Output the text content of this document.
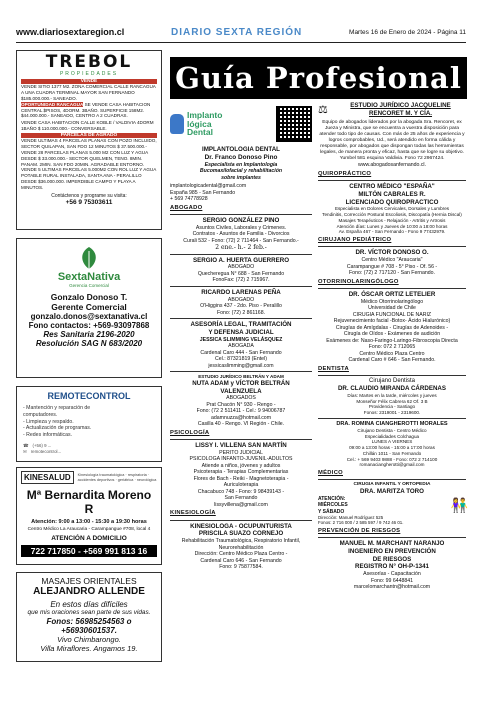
www.diariosextaregion.cl	DIARIO SEXTA REGIÓN	Martes 16 de Enero de 2024 - Página 11
TREBOL
PROPIEDADES
VENDE
VENDE SITIO 1377 M2. ZONA COMERCIAL CALLE RANCAGUA A UNA CUADRA TERMINAL MAYOR SAN FERNANDO $185.000.000.- SANEADO.
OPORTUNIDAD RANCAGUA SE VENDE CASA HABITACION CENTRAL $PISOS, 4DORM. 3BAÑO. SUPERFICIE 158M2. $44.000.000.- SANEADO, CENTRO A 2 CUADRAS.
VENDE CASA HABITACION CALLE KOBLE / VALDIVIA 4DORM 1BAÑO $ 110.000.000.- CONVERSABLE.
PARCELAS DE AGRADO
VENDE ULTIMAS 4 PARCELAS PLANAS CON POZO INCLUIDO, SECTOR QUILAPAN, SAN FDO 12 MINUTOS $ 37.500.000.-
VENDE 28 PARCELAS PLANAS 5.000 M2 CON LUZ Y AGUA DESDE $ 33.000.000.- SECTOR QUELMEN, TENO. 8MIN. PANAM. 2MIN. SAN FDO 20MIN. AGRADABLE ENTORNO.
VENDE 5 ULTIMAS PARCELAS 5.000M2 CON ROL LUZ Y AGUA POTABLE RURAL INSTALADA, SANTA ANA - PERALILLO DESDE $36.000.000. IMPERDIBLE CAMPO Y PLAYA A MINUTOS.
Contáctenos y programe su visita:
+56 9 75303611
SextaNativa
Gerencia Comercial
Gonzalo Donoso T.
Gerente Comercial
gonzalo.donos@sextanativa.cl
Fono contactos: +569-93097868
Res Sanitaria 2196-2020
Resolución SAG N 683/2020
REMOTECONTROL
- Mantención y reparación de
computadores.
- Limpieza y respaldo.
- Actualización de programas.
- Redes informáticas.
☎ (+56) 9 ...
✉ remotecontrol...
KINESALUD	Kinesiología traumatológica · respiratoria · accidentes deportivos · geriátrica · neurológica
Mª Bernardita Moreno R
Atención: 9:00 a 13:00 - 15:30 a 19:30 horas
Centro Médico La Araucaria - Carampangue #708, local 4
ATENCIÓN A DOMICILIO
722 717850 - +569 991 813 16
MASAJES ORIENTALES
ALEJANDRO ALLENDE
En estos días difíciles
que mis oraciones sean parte de sus vidas.
Fonos: 56985254563 o +56930601537.
Vivo Chimbarongo.
Villa Miraflores. Angamos 19.
Guía Profesional
Implanto lógica Dental
IMPLANTOLOGIA DENTAL
Dr. Franco Donoso Pino
Especialista en Implantología
Bucomaxilofacial y rehabilitación
sobre implantes
implantologicadental@gmail.com
España 985 - San Fernando
+ 569 74778928
ABOGADO
SERGIO GONZÁLEZ PINO
Asuntos Civiles, Laborales y Crimenes.
Contratos - Asuntos de Familia - Divorcios
Curali 532 - Fono: (72) 2 711464 - San Fernando.-
2 ene.- h.- 2 feb.-
SERGIO A. HUERTA GUERRERO
ABOGADO
Quecheregua N° 688 - San Fernando
FonoFax: (72) 2 715967.
RICARDO LARENAS PEÑA
ABOGADO
O'Higgins 437 - 2do. Piso - Peralillo
Fono: (72) 2 861168.
ASESORÍA LEGAL, TRAMITACIÓN
Y DEFENSA JUDICIAL
JESSICA SLIMMING VELÁSQUEZ
ABOGADA
Cardenal Caro 444 - San Fernando
Cel.: 87321819 (Entel)
jessicaslimming@gmail.com
ESTUDIO JURÍDICO BELTRÁN Y ADAM
NUTA ADAM y VÍCTOR BELTRÁN
VALENZUELA
ABOGADOS
Prat Chacón N° 930 - Rengo -
Fono: (72 2 511411 - Cel.: 9 94006787
adamnuzza@hotmail.com
Casilla 40 - Rengo. VI Región - Chile.
PSICOLOGÍA
LISSY I. VILLENA SAN MARTÍN
PERITO JUDICIAL
PSICOLOGA INFANTO-JUVENIL-ADULTOS
Atiende a niños, jóvenes y adultos
Psicoterapia - Terapias Complementarias
Flores de Bach - Reiki - Magnetoterapia -
Auriculoterapia
Chacabuco 748 - Fono: 9 98439143 -
San Fernando
lissyvillena@gmail.com
KINESIOLOGÍA
KINESIOLOGA - OCUPUNTURISTA
PRISCILA SUAZO CORNEJO
Rehabilitación Traumatológica, Respiratorio Infantil,
Neurorehabilitación
Dirección: Centro Médico Plaza Centro -
Cardenal Caro 646 - San Fernando
Fono: 9 75877584.
⚖	ESTUDIO JURÍDICO JACQUELINE
RENCORET M. Y CÍA.
Equipo de abogados liderados por la abogada Sra. Rencoret, ex Jueza y Ministra, que se encuentra a vuestra disposición para atender todo tipo de causas. Con más de 25 años de experiencia y logros comprobables, Ud., será atendido en forma cálida y responsable, por abogados que dispongan todas las herramientas legales, de manera pronta y eficaz, hasta que se logre su objetivo. Yumbel 581 esquina Valdivia. Fono 72 2967424.
www.abogadosanfernando.cl.
QUIROPRÁCTICO
CENTRO MÉDICO "ESPAÑA"
MILTÓN CABRALES R.
LICENCIADO QUIROPRACTICO
Especialista en Dolores Cervicales, Dorsales y Lumbres
Tendinitis, Corrección Postural Escoliosis, Discopatía (Hernia Discal)
Masajes Terapéuticos - Relajación - Artritis y Artrosis
Atención días: Lunes y Jueves de 10:00 a 18:00 horas
Av. España 467 - San Fernando - Fono 9 77432979.
CIRUJANO PEDIÁTRICO
DR. VÍCTOR DONOSO O.
Centro Médico "Araucaria"
Carampangue # 708 - 5° Piso - Of. 56 -
Fono: (72) 2 717120 - San Fernando.
OTORRINOLARINGÓLOGO
DR. ÓSCAR ORTIZ LETELIER
Médico Otorrinolaringólogo
Universidad de Chile
CIRUGIA FUNCIONAL DE NARIZ
Rejuvenecimiento facial -Botox- Ácido Hialurónico)
Cirugías de Amígdalas - Cirugías de Adenoides -
Cirugía de Oídos - Exámenes de audición
Exámenes de: Naso-Faringo-Laringo-Fibroscopia Directa
Fono: 072 2 712065
Centro Médico Plaza Centro
Cardenal Caro # 646 - San Fernando.
DENTISTA
Cirujano Dentista
DR. CLAUDIO MIRANDA CÁRDENAS
Días: Martes en la tarde, miércoles y jueves
Monseñor Félix Cabrera 62 Of. 3 B
Providencia - Santiago
Fonos: 2319001 - 2319600.
DRA. ROMINA CIANGHEROTTI MORALES
Cirujano Dentista - Centro Médico
Especialidades Colchagua
LUNES A VIERNES
09:00 a 13:00 horas - 15:00 a 17:00 horas
Chillán 1011 - San Fernando
Cel.: + 569 9403 9888 - Fono: 072 2 714100
romanaciangherotti@gmail.com
MÉDICO
CIRUGIA INFANTIL Y ORTOPEDIA
DRA. MARITZA TORO
ATENCIÓN:
MIÉRCOLES
Y SÁBADO	👫
Dirección: Manuel Rodríguez 525
Fonos: 2 716 000 / 2 585 597 / 9 742 46 01.
PREVENCIÓN DE RIESGOS
MANUEL M. MARCHANT NARANJO
INGENIERO EN PREVENCIÓN
DE RIESGOS
REGISTRO N° OH-P-1341
Asesorías - Capacitación
Fono: 99 6448841
marcelomarchantn@hotmail.com
